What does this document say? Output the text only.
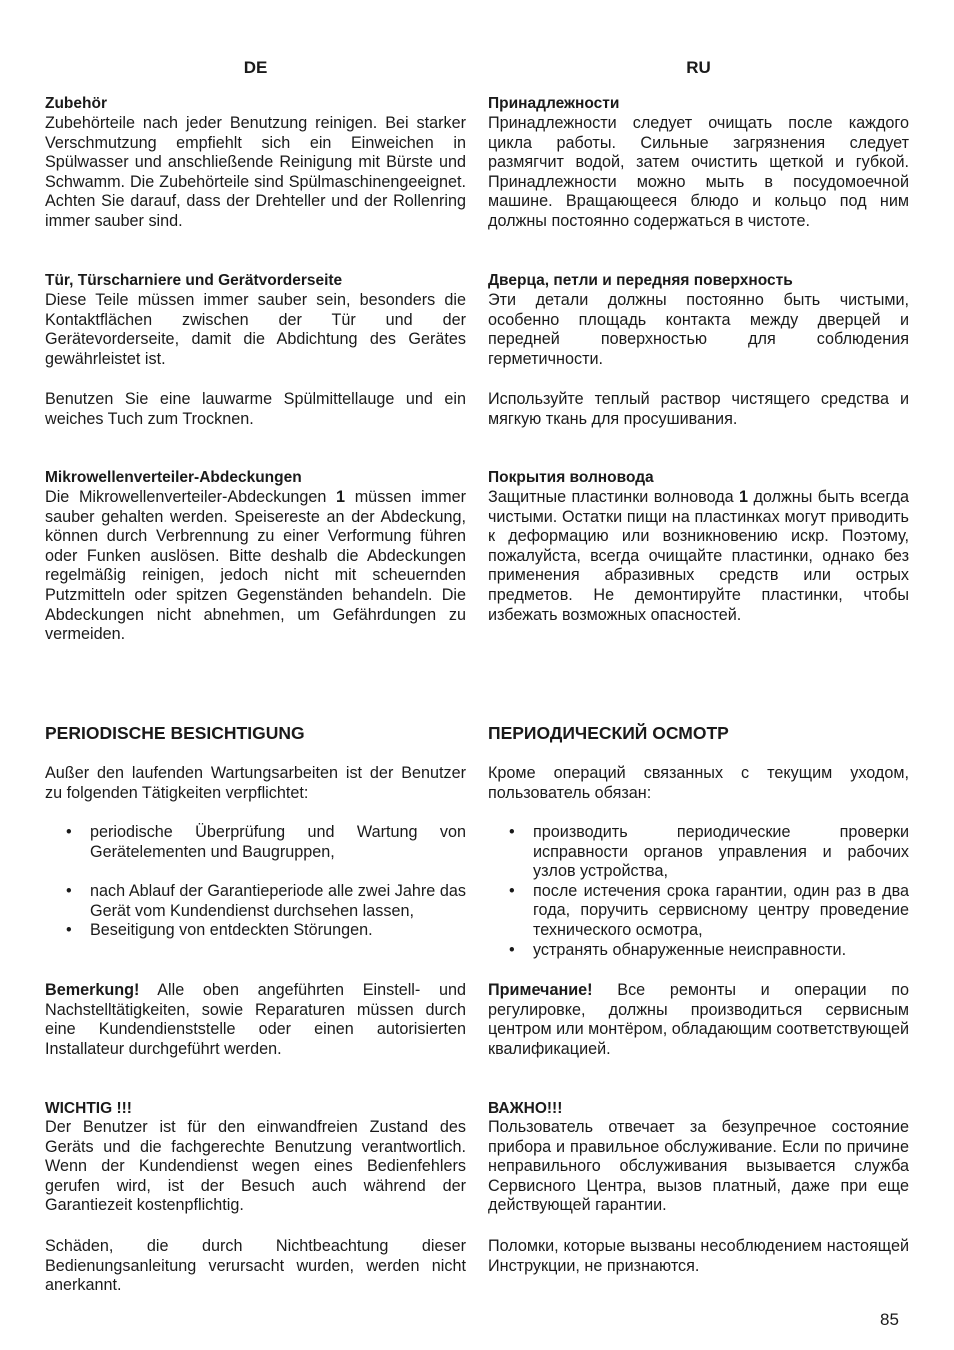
DE
Zubehör

Zubehörteile nach jeder Benutzung reinigen. Bei starker Verschmutzung empfiehlt sich ein Einweichen in Spülwasser und anschließende Reinigung mit Bürste und Schwamm. Die Zubehörteile sind Spülmaschinengeeignet. Achten Sie darauf, dass der Drehteller und der Rollenring immer sauber sind.

Tür, Türscharniere und Gerätvorderseite

Diese Teile müssen immer sauber sein, besonders die Kontaktflächen zwischen der Tür und der Gerätevorderseite, damit die Abdichtung des Gerätes gewährleistet ist.

Benutzen Sie eine lauwarme Spülmittellauge und ein weiches Tuch zum Trocknen.

Mikrowellenverteiler-Abdeckungen

Die Mikrowellenverteiler-Abdeckungen 1 müssen immer sauber gehalten werden. Speisereste an der Abdeckung, können durch Verbrennung zu einer Verformung führen oder Funken auslösen. Bitte deshalb die Abdeckungen regelmäßig reinigen, jedoch nicht mit scheuernden Putzmitteln oder spitzen Gegenständen behandeln. Die Abdeckungen nicht abnehmen, um Gefährdungen zu vermeiden.

PERIODISCHE BESICHTIGUNG

Außer den laufenden Wartungsarbeiten ist der Benutzer zu folgenden Tätigkeiten verpflichtet:

• periodische Überprüfung und Wartung von Gerätelementen und Baugruppen,
• nach Ablauf der Garantieperiode alle zwei Jahre das Gerät vom Kundendienst durchsehen lassen,
• Beseitigung von entdeckten Störungen.

Bemerkung! Alle oben angeführten Einstell- und Nachstelltätigkeiten, sowie Reparaturen müssen durch eine Kundendienststelle oder einen autorisierten Installateur durchgeführt werden.

WICHTIG !!!

Der Benutzer ist für den einwandfreien Zustand des Geräts und die fachgerechte Benutzung verantwortlich. Wenn der Kundendienst wegen eines Bedienfehlers gerufen wird, ist der Besuch auch während der Garantiezeit kostenpflichtig.

Schäden, die durch Nichtbeachtung dieser Bedienungsanleitung verursacht wurden, werden nicht anerkannt.

RU
Принадлежности

Принадлежности следует очищать после каждого цикла работы. Сильные загрязнения следует размягчит водой, затем очистить щеткой и губкой. Принадлежности можно мыть в посудомоечной машине. Вращающееся блюдо и кольцо под ним должны постоянно содержаться в чистоте.

Дверца, петли и передняя поверхность

Эти детали должны постоянно быть чистыми, особенно площадь контакта между дверцей и передней поверхностью для соблюдения герметичности.

Используйте теплый раствор чистящего средства и мягкую ткань для просушивания.

Покрытия волновода

Защитные пластинки волновода 1 должны быть всегда чистыми. Остатки пищи на пластинках могут приводить к деформацию или возникновению искр. Поэтому, пожалуйста, всегда очищайте пластинки, однако без применения абразивных средств или острых предметов. Не демонтируйте пластинки, чтобы избежать возможных опасностей.

ПЕРИОДИЧЕСКИЙ ОСМОТР

Кроме операций связанных с текущим уходом, пользователь обязан:

• производить периодические проверки исправности органов управления и рабочих узлов устройства,
• после истечения срока гарантии, один раз в два года, поручить сервисному центру проведение технического осмотра,
• устранять обнаруженные неисправности.

Примечание! Все ремонты и операции по регулировке, должны производиться сервисным центром или монтёром, обладающим соответствующей квалификацией.

ВАЖНО!!!

Пользователь отвечает за безупречное состояние прибора и правильное обслуживание. Если по причине неправильного обслуживания вызывается служба Сервисного Центра, вызов платный, даже при еще действующей гарантии.

Поломки, которые вызваны несоблюдением настоящей Инструкции, не признаются.

85
